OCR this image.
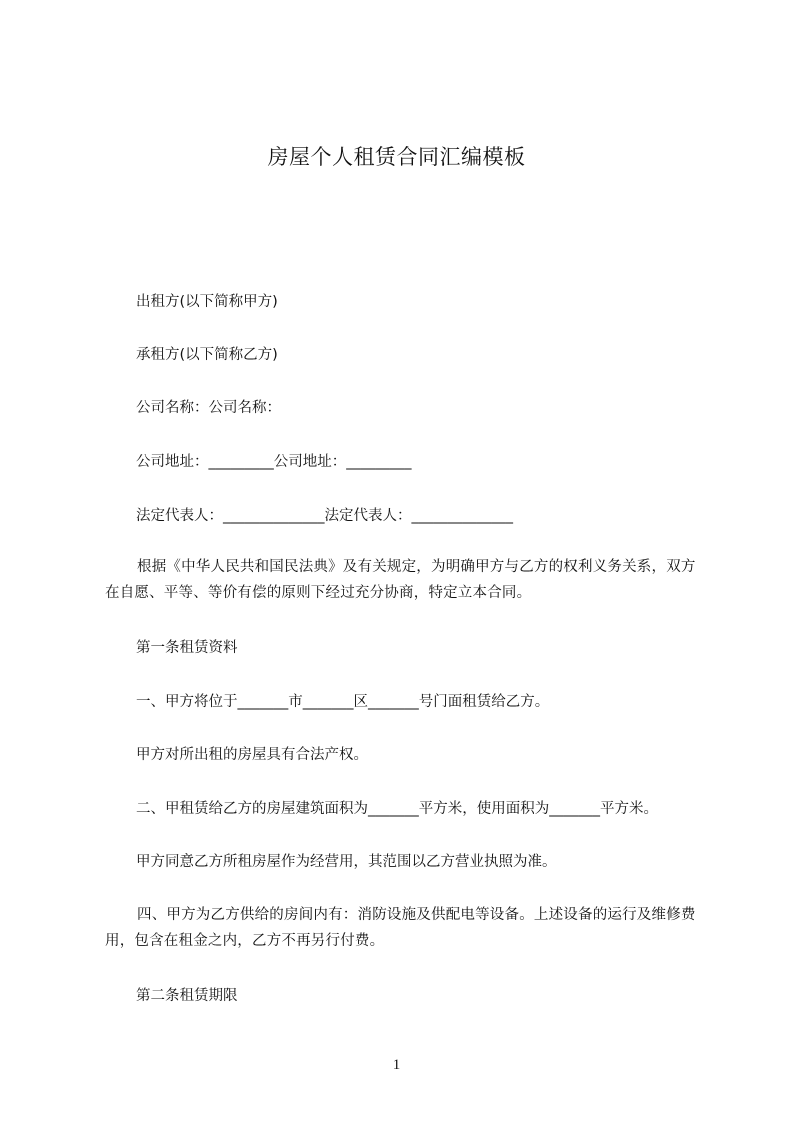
房屋个人租赁合同汇编模板
出租方(以下简称甲方)
承租方(以下简称乙方)
公司名称：公司名称：
公司地址：_________公司地址：_________
法定代表人：______________法定代表人：______________
根据《中华人民共和国民法典》及有关规定，为明确甲方与乙方的权利义务关系，双方在自愿、平等、等价有偿的原则下经过充分协商，特定立本合同。
第一条租赁资料
一、甲方将位于_______市_______区_______号门面租赁给乙方。
甲方对所出租的房屋具有合法产权。
二、甲租赁给乙方的房屋建筑面积为_______平方米，使用面积为_______平方米。
甲方同意乙方所租房屋作为经营用，其范围以乙方营业执照为准。
四、甲方为乙方供给的房间内有：消防设施及供配电等设备。上述设备的运行及维修费用，包含在租金之内，乙方不再另行付费。
第二条租赁期限
1
